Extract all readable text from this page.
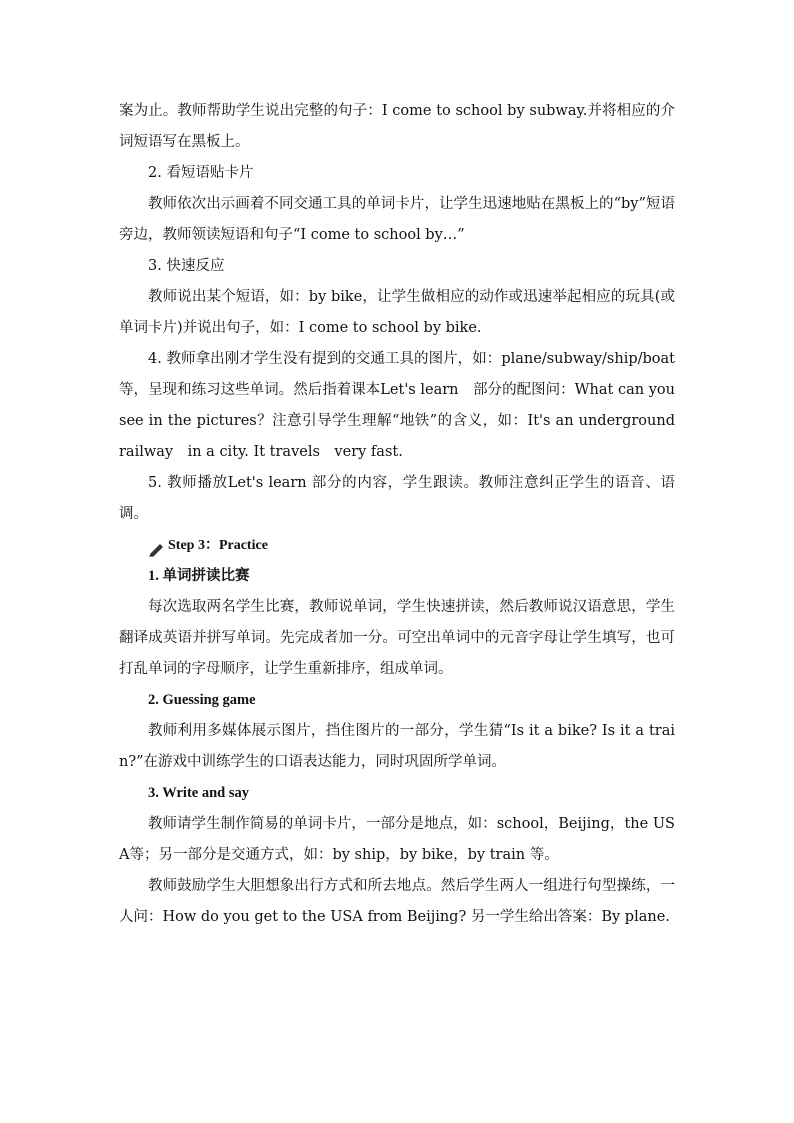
案为止。教师帮助学生说出完整的句子：I come to school by subway.并将相应的介词短语写在黑板上。

2. 看短语贴卡片

教师依次出示画着不同交通工具的单词卡片，让学生迅速地贴在黑板上的“by”短语旁边，教师领读短语和句子“I come to school by…”

3. 快速反应

教师说出某个短语，如：by bike，让学生做相应的动作或迅速举起相应的玩具(或单词卡片)并说出句子，如：I come to school by bike.

4. 教师拿出刚才学生没有提到的交通工具的图片，如：plane/subway/ship/boat　等，呈现和练习这些单词。然后指着课本Let's learn　部分的配图问：What can you see in the pictures？注意引导学生理解“地铁”的含义，如：It's an underground　railway　in a city. It travels　very fast.

5. 教师播放Let's learn 部分的内容，学生跟读。教师注意纠正学生的语音、语调。

Step 3：Practice

1. 单词拼读比赛

每次选取两名学生比赛，教师说单词，学生快速拼读，然后教师说汉语意思，学生翻译成英语并拼写单词。先完成者加一分。可空出单词中的元音字母让学生填写，也可打乱单词的字母顺序，让学生重新排序，组成单词。

2. Guessing game

教师利用多媒体展示图片，挡住图片的一部分，学生猜“Is it a bike? Is it a train?”在游戏中训练学生的口语表达能力，同时巩固所学单词。

3. Write and say

教师请学生制作简易的单词卡片，一部分是地点，如：school，Beijing，the USA等；另一部分是交通方式，如：by ship，by bike，by train 等。

教师鼓励学生大胆想象出行方式和所去地点。然后学生两人一组进行句型操练，一人问：How do you get to the USA from Beijing? 另一学生给出答案：By plane.
